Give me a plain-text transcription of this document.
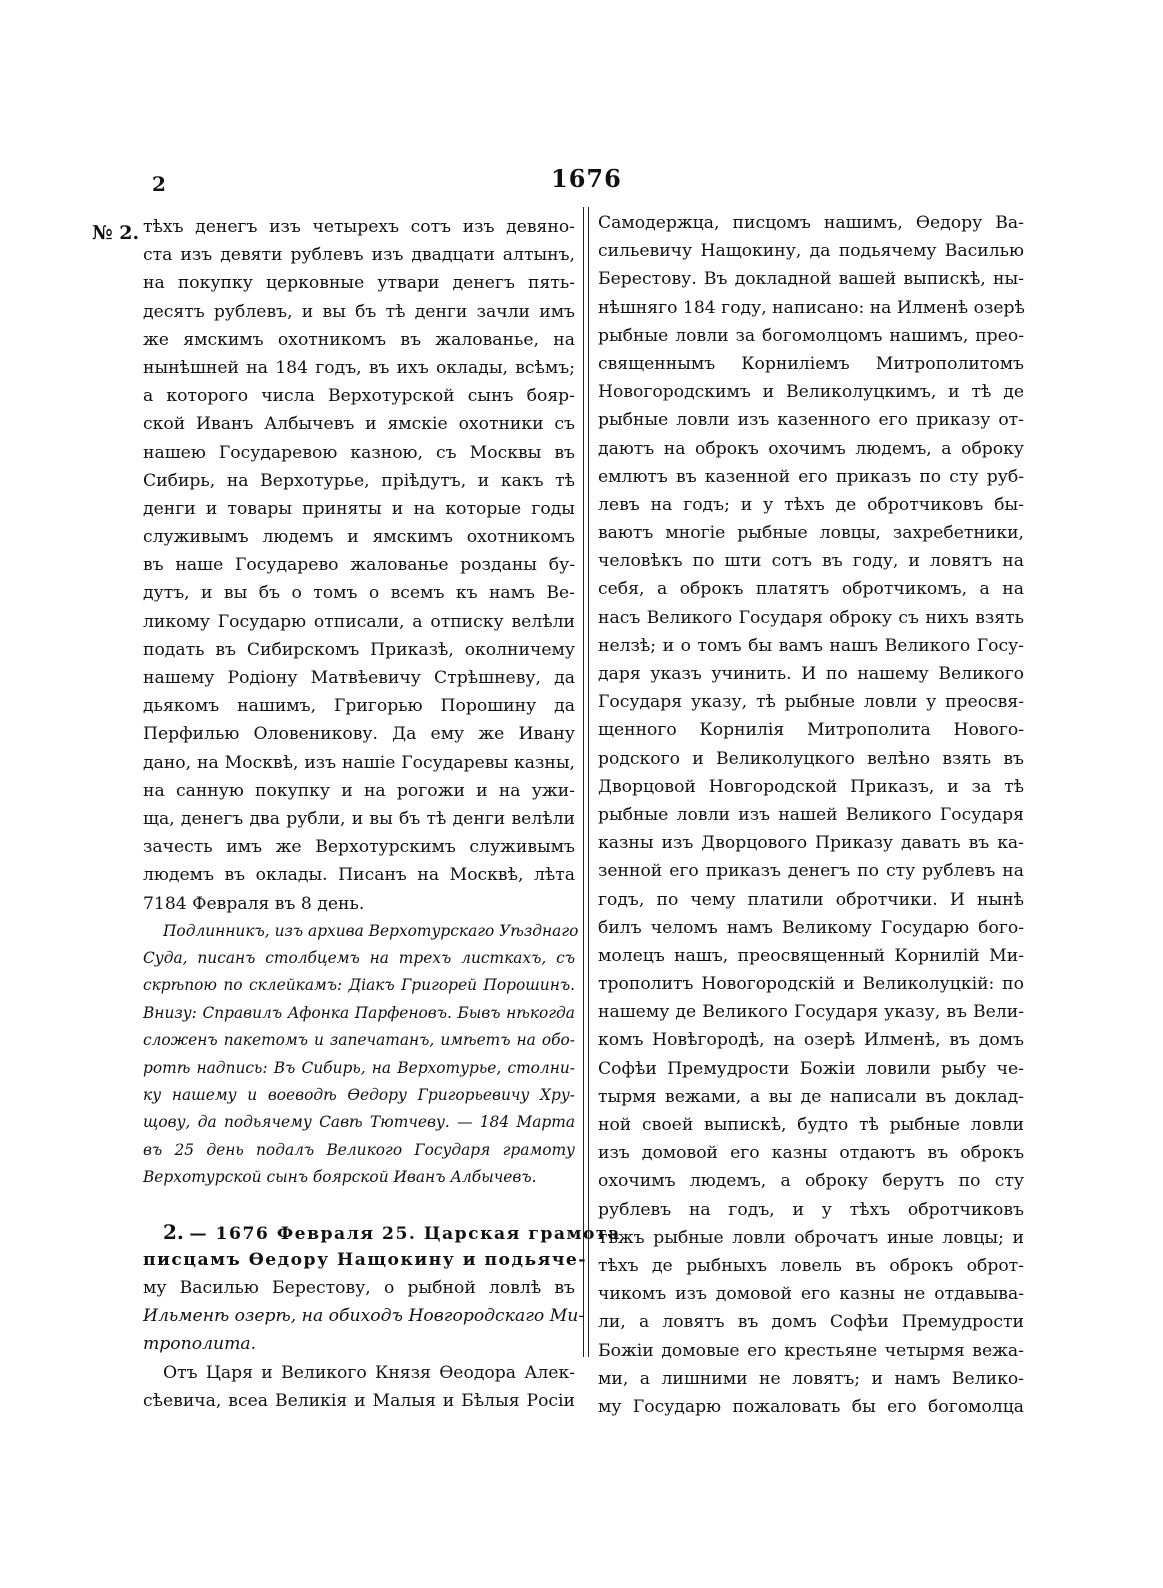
2	1676
№ 2. тѣхъ денегъ изъ четырехъ сотъ изъ девяно-
ста изъ девяти рублевъ изъ двадцати алтынъ,
на покупку церковные утвари денегъ пять-
десятъ рублевъ, и вы бъ тѣ денги зачли имъ
же ямскимъ охотникомъ въ жалованье, на
нынѣшней на 184 годъ, въ ихъ оклады, всѣмъ;
а которого числа Верхотурской сынъ бояр-
ской Иванъ Албычевъ и ямскіе охотники съ
нашею Государевою казною, съ Москвы въ
Сибирь, на Верхотурье, пріѣдутъ, и какъ тѣ
денги и товары приняты и на которые годы
служивымъ людемъ и ямскимъ охотникомъ
въ наше Государево жалованье розданы бу-
дутъ, и вы бъ о томъ о всемъ къ намъ Ве-
ликому Государю отписали, а отписку велѣли
подать въ Сибирскомъ Приказѣ, околничему
нашему Родіону Матвѣевичу Стрѣшневу, да
дьякомъ нашимъ, Григорью Порошину да
Перфилью Оловеникову. Да ему же Ивану
дано, на Москвѣ, изъ нашіе Государевы казны,
на санную покупку и на рогожи и на ужи-
ща, денегъ два рубли, и вы бъ тѣ денги велѣли
зачесть имъ же Верхотурскимъ служивымъ
людемъ въ оклады. Писанъ на Москвѣ, лѣта
7184 Февраля въ 8 день.
Подлинникъ, изъ архива Верхотурскаго Уѣзднаго
Суда, писанъ столбцемъ на трехъ листкахъ, съ
скрѣпою по склейкамъ: Діакъ Григорей Порошинъ.
Внизу: Справилъ Афонка Парфеновъ. Бывъ нѣкогда
сложенъ пакетомъ и запечатанъ, имѣетъ на обо-
ротѣ надпись: Въ Сибирь, на Верхотурье, столни-
ку нашему и воеводѣ Ѳедору Григорьевичу Хру-
щову, да подьячему Савѣ Тютчеву. — 184 Марта
въ 25 день подалъ Великого Государя грамоту
Верхотурской сынъ боярской Иванъ Албычевъ.
2. — 1676 Февраля 25. Царская грамота
писцамъ Ѳедору Нащокину и подьяче-
му Василью Берестову, о рыбной ловлѣ въ
Ильменѣ озерѣ, на обиходъ Новгородскаго Ми-
трополита.
Отъ Царя и Великого Князя Ѳеодора Алек-
сѣевича, всеа Великія и Малыя и Бѣлыя Росіи
Самодержца, писцомъ нашимъ, Ѳедору Ва-
сильевичу Нащокину, да подьячему Василью
Берестову. Въ докладной вашей выпискѣ, ны-
нѣшняго 184 году, написано: на Илменѣ озерѣ
рыбные ловли за богомолцомъ нашимъ, прео-
священнымъ Корниліемъ Митрополитомъ
Новогородскимъ и Великолуцкимъ, и тѣ де
рыбные ловли изъ казенного его приказу от-
даютъ на оброкъ охочимъ людемъ, а оброку
емлютъ въ казенной его приказъ по сту руб-
левъ на годъ; и у тѣхъ де обротчиковъ бы-
ваютъ многіе рыбные ловцы, захребетники,
человѣкъ по шти сотъ въ году, и ловятъ на
себя, а оброкъ платятъ обротчикомъ, а на
насъ Великого Государя оброку съ нихъ взять
нелзѣ; и о томъ бы вамъ нашъ Великого Госу-
даря указъ учинить. И по нашему Великого
Государя указу, тѣ рыбные ловли у преосвя-
щенного Корнилія Митрополита Новогo-
родского и Великолуцкого велѣно взять въ
Дворцовой Новгородской Приказъ, и за тѣ
рыбные ловли изъ нашей Великого Государя
казны изъ Дворцового Приказу давать въ ка-
зенной его приказъ денегъ по сту рублевъ на
годъ, по чему платили обротчики. И нынѣ
билъ челомъ намъ Великому Государю бого-
молецъ нашъ, преосвященный Корнилій Ми-
трополитъ Новогородскій и Великолуцкій: по
нашему де Великого Государя указу, въ Вели-
комъ Новѣгородѣ, на озерѣ Илменѣ, въ домъ
Софѣи Премудрости Божіи ловили рыбу че-
тырмя вежами, а вы де написали въ доклад-
ной своей выпискѣ, будто тѣ рыбные ловли
изъ домовой его казны отдаютъ въ оброкъ
охочимъ людемъ, а оброку берутъ по сту
рублевъ на годъ, и у тѣхъ обротчиковъ
тѣжъ рыбные ловли оброчатъ иные ловцы; и
тѣхъ де рыбныхъ ловель въ оброкъ оброт-
чикомъ изъ домовой его казны не отдавыва-
ли, а ловятъ въ домъ Софѣи Премудрости
Божіи домовые его крестьяне четырмя вежа-
ми, а лишними не ловятъ; и намъ Велико-
му Государю пожаловать бы его богомолца
